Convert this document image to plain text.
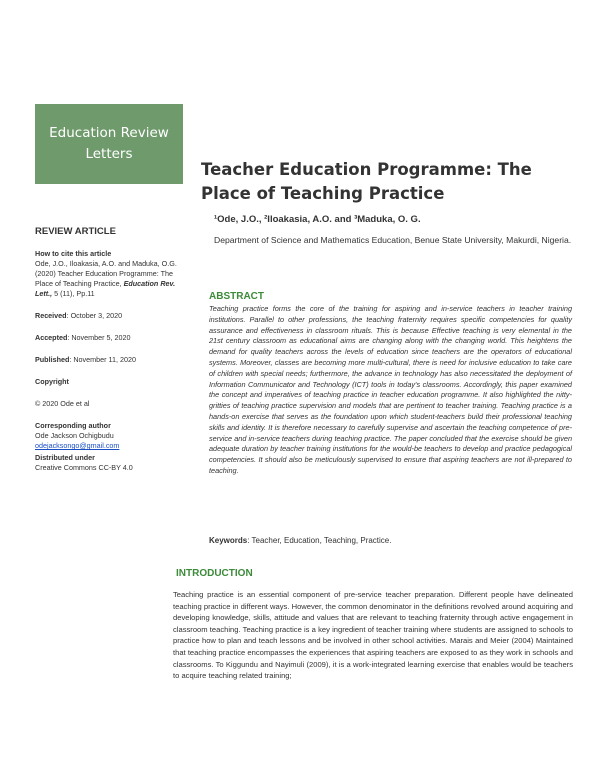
Education Review
Letters
Teacher Education Programme: The Place of Teaching Practice
¹Ode, J.O., ²Iloakasia, A.O. and ³Maduka, O. G.
Department of Science and Mathematics Education, Benue State University, Makurdi, Nigeria.
REVIEW ARTICLE
How to cite this article
Ode, J.O., Iloakasia, A.O. and Maduka, O.G. (2020) Teacher Education Programme: The Place of Teaching Practice, Education Rev. Lett., 5 (11), Pp.11
Received: October 3, 2020
Accepted: November 5, 2020
Published: November 11, 2020
Copyright
© 2020 Ode et al
Corresponding author
Ode Jackson Ochigbudu
odejacksongo@gmail.com
Distributed under
Creative Commons CC-BY 4.0
ABSTRACT
Teaching practice forms the core of the training for aspiring and in-service teachers in teacher training institutions. Parallel to other professions, the teaching fraternity requires specific competencies for quality assurance and effectiveness in classroom rituals. This is because Effective teaching is very elemental in the 21st century classroom as educational aims are changing along with the changing world. This heightens the demand for quality teachers across the levels of education since teachers are the operators of educational systems. Moreover, classes are becoming more multi-cultural, there is need for inclusive education to take care of children with special needs; furthermore, the advance in technology has also necessitated the deployment of Information Communicator and Technology (ICT) tools in today's classrooms. Accordingly, this paper examined the concept and imperatives of teaching practice in teacher education programme. It also highlighted the nitty-gritties of teaching practice supervision and models that are pertinent to teacher training. Teaching practice is a hands-on exercise that serves as the foundation upon which student-teachers build their professional teaching skills and identity. It is therefore necessary to carefully supervise and ascertain the teaching competence of pre-service and in-service teachers during teaching practice. The paper concluded that the exercise should be given adequate duration by teacher training institutions for the would-be teachers to develop and practice pedagogical competencies. It should also be meticulously supervised to ensure that aspiring teachers are not ill-prepared to teaching.
Keywords: Teacher, Education, Teaching, Practice.
INTRODUCTION
Teaching practice is an essential component of pre-service teacher preparation. Different people have delineated teaching practice in different ways. However, the common denominator in the definitions revolved around acquiring and developing knowledge, skills, attitude and values that are relevant to teaching fraternity through active engagement in classroom teaching. Teaching practice is a key ingredient of teacher training where students are assigned to schools to practice how to plan and teach lessons and be involved in other school activities. Marais and Meier (2004) Maintained that teaching practice encompasses the experiences that aspiring teachers are exposed to as they work in schools and classrooms. To Kiggundu and Nayimuli (2009), it is a work-integrated learning exercise that enables would be teachers to acquire teaching related training;
